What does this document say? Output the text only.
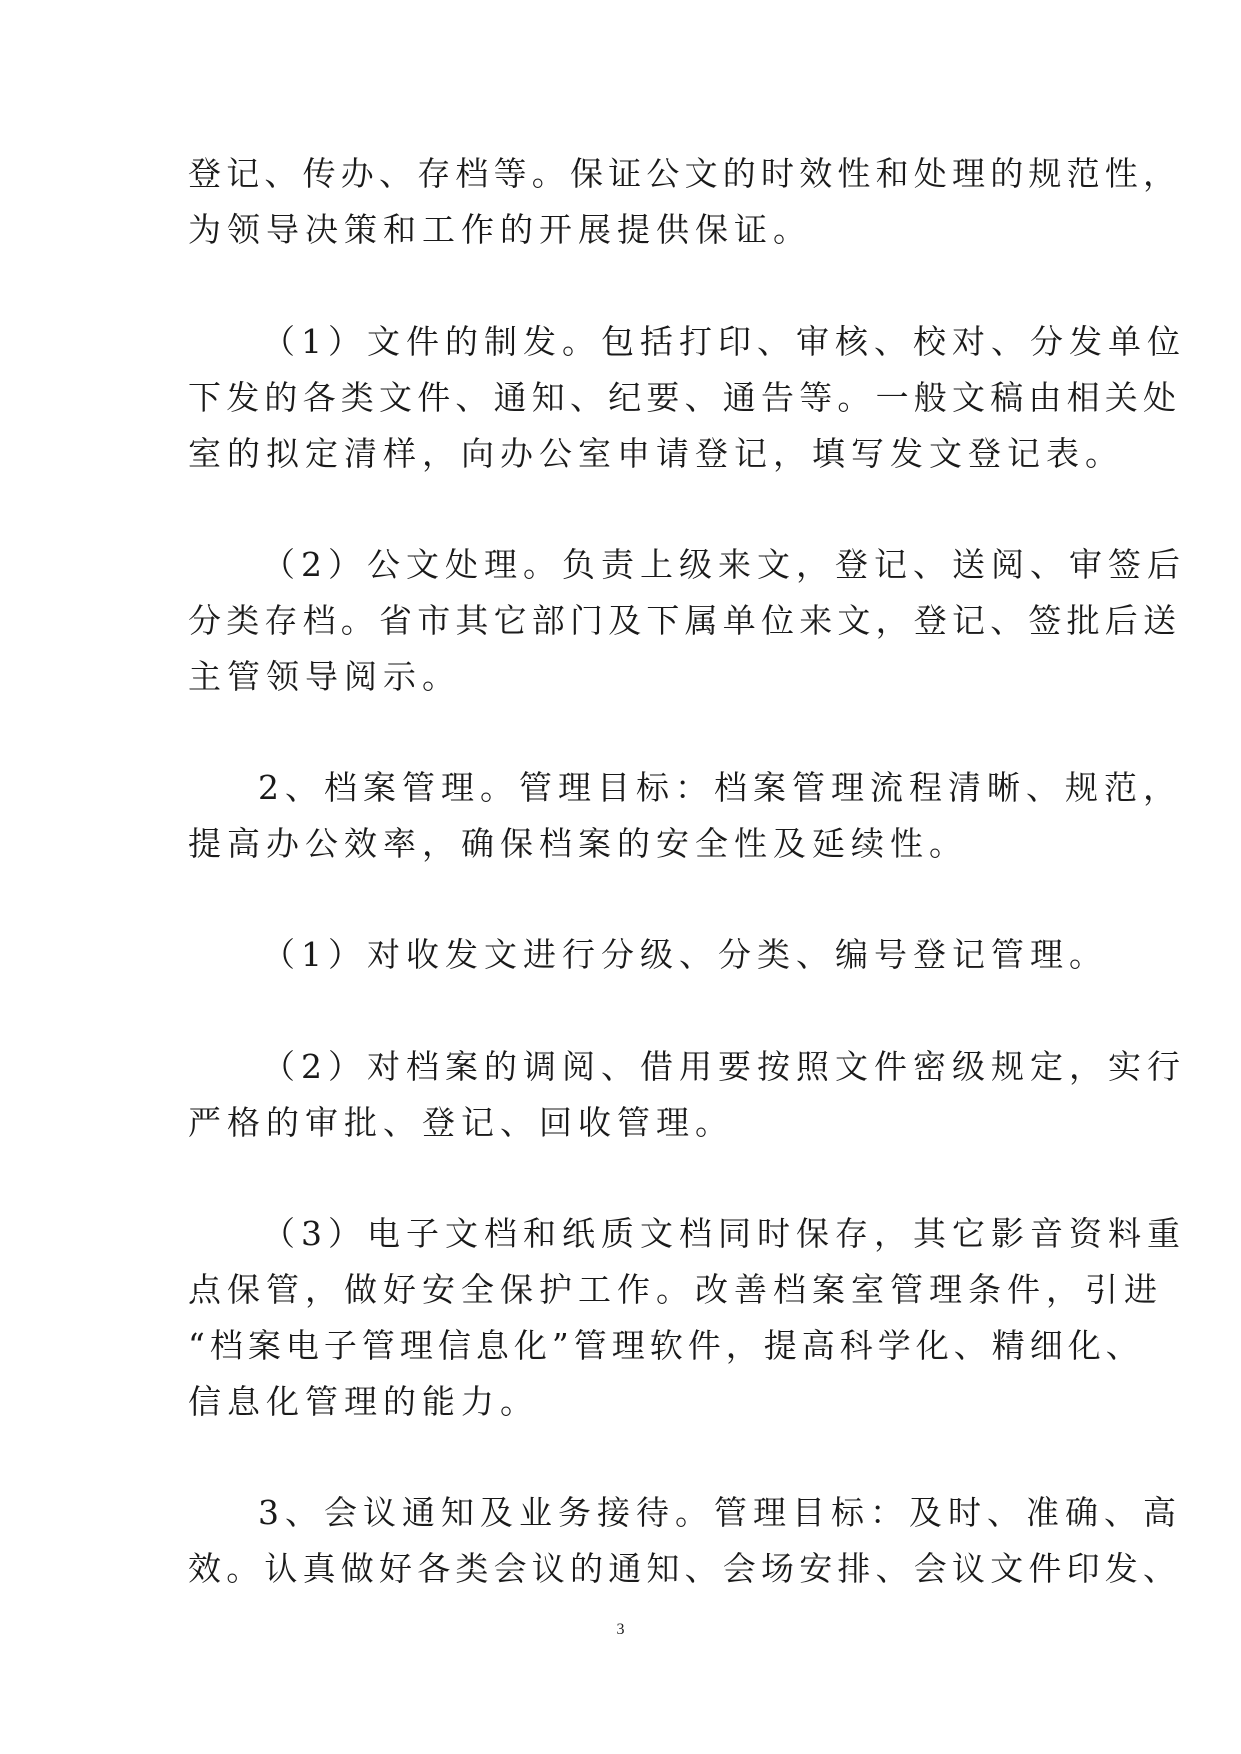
登记、传办、存档等。保证公文的时效性和处理的规范性，
为领导决策和工作的开展提供保证。
（1）文件的制发。包括打印、审核、校对、分发单位
下发的各类文件、通知、纪要、通告等。一般文稿由相关处
室的拟定清样，向办公室申请登记，填写发文登记表。
（2）公文处理。负责上级来文，登记、送阅、审签后
分类存档。省市其它部门及下属单位来文，登记、签批后送
主管领导阅示。
2、档案管理。管理目标：档案管理流程清晰、规范，
提高办公效率，确保档案的安全性及延续性。
（1）对收发文进行分级、分类、编号登记管理。
（2）对档案的调阅、借用要按照文件密级规定，实行
严格的审批、登记、回收管理。
（3）电子文档和纸质文档同时保存，其它影音资料重
点保管，做好安全保护工作。改善档案室管理条件，引进
“档案电子管理信息化”管理软件，提高科学化、精细化、
信息化管理的能力。
3、会议通知及业务接待。管理目标：及时、准确、高
效。认真做好各类会议的通知、会场安排、会议文件印发、
3
